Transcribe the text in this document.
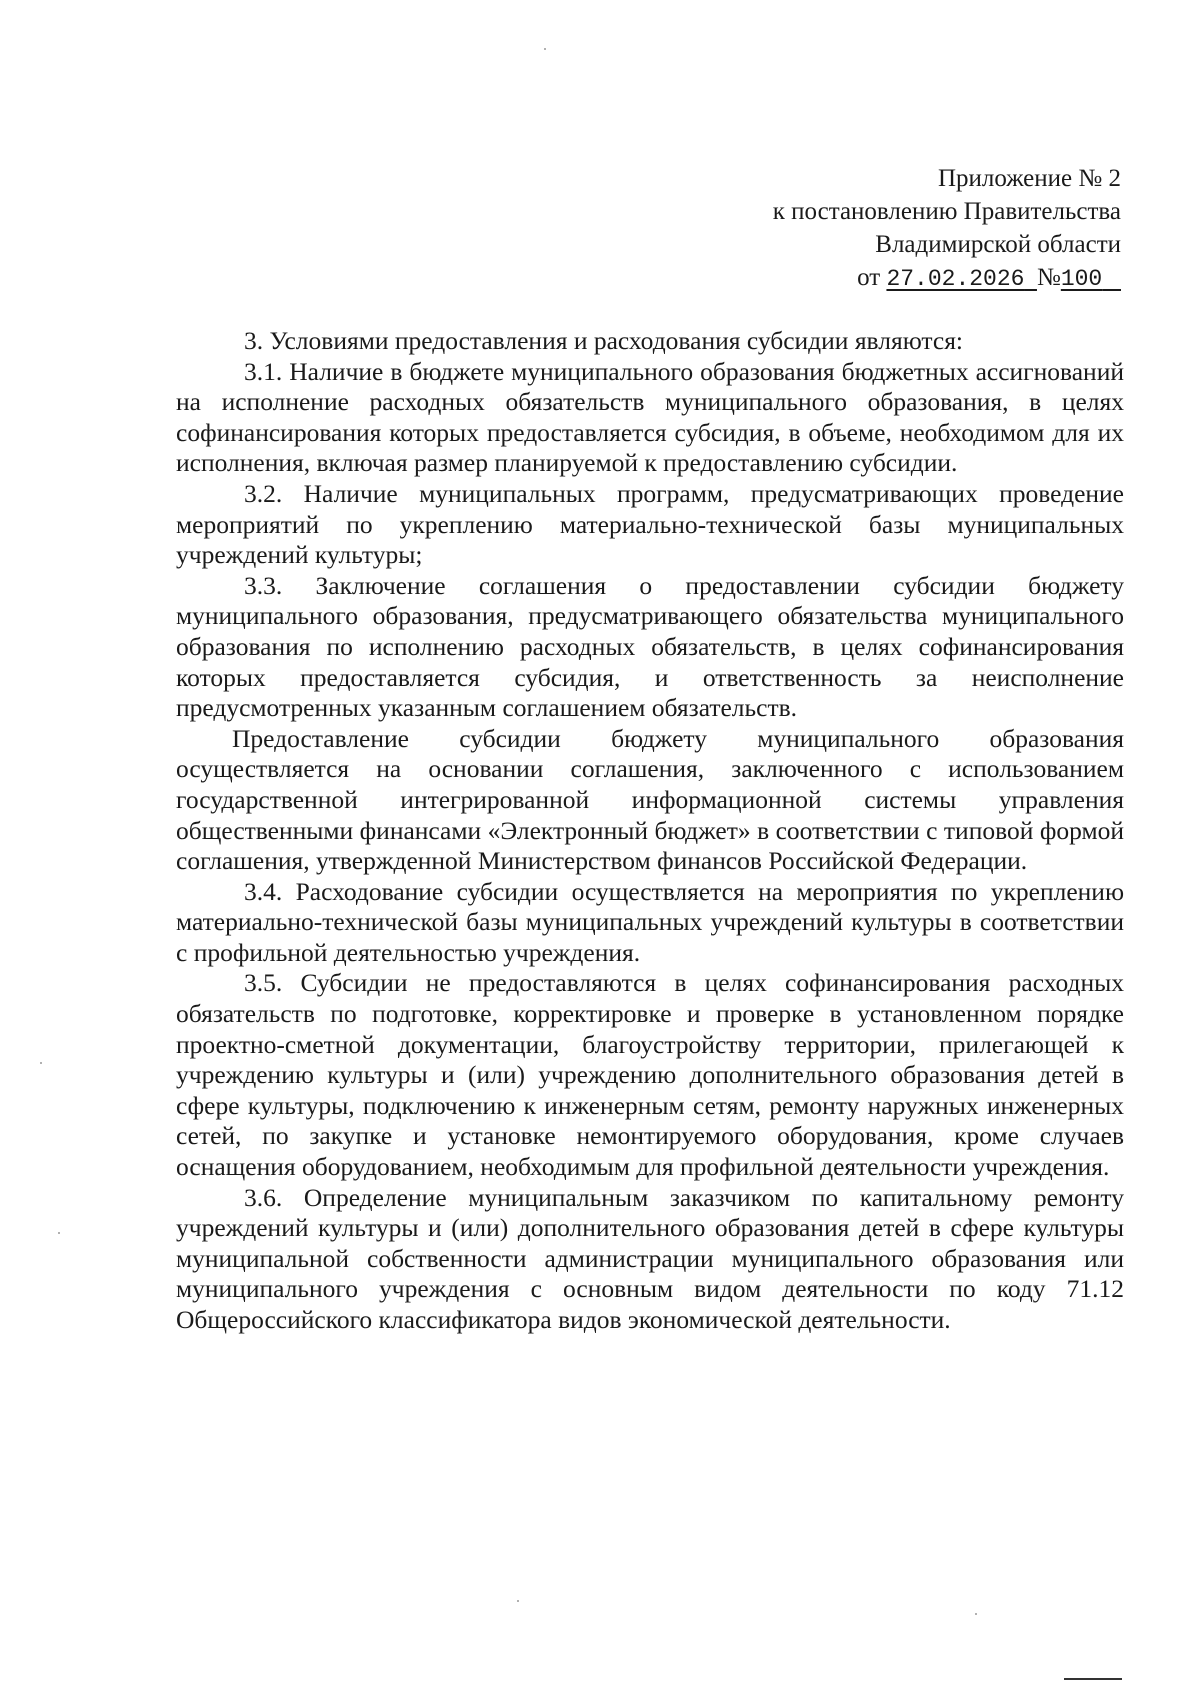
Приложение № 2
к постановлению Правительства
Владимирской области
от 27.02.2026 №100

3. Условиями предоставления и расходования субсидии являются:

3.1. Наличие в бюджете муниципального образования бюджетных ассигнований на исполнение расходных обязательств муниципального образования, в целях софинансирования которых предоставляется субсидия, в объеме, необходимом для их исполнения, включая размер планируемой к предоставлению субсидии.

3.2. Наличие муниципальных программ, предусматривающих проведение мероприятий по укреплению материально-технической базы муниципальных учреждений культуры;

3.3. Заключение соглашения о предоставлении субсидии бюджету муниципального образования, предусматривающего обязательства муниципального образования по исполнению расходных обязательств, в целях софинансирования которых предоставляется субсидия, и ответственность за неисполнение предусмотренных указанным соглашением обязательств.

Предоставление субсидии бюджету муниципального образования осуществляется на основании соглашения, заключенного с использованием государственной интегрированной информационной системы управления общественными финансами «Электронный бюджет» в соответствии с типовой формой соглашения, утвержденной Министерством финансов Российской Федерации.

3.4. Расходование субсидии осуществляется на мероприятия по укреплению материально-технической базы муниципальных учреждений культуры в соответствии с профильной деятельностью учреждения.

3.5. Субсидии не предоставляются в целях софинансирования расходных обязательств по подготовке, корректировке и проверке в установленном порядке проектно-сметной документации, благоустройству территории, прилегающей к учреждению культуры и (или) учреждению дополнительного образования детей в сфере культуры, подключению к инженерным сетям, ремонту наружных инженерных сетей, по закупке и установке немонтируемого оборудования, кроме случаев оснащения оборудованием, необходимым для профильной деятельности учреждения.

3.6. Определение муниципальным заказчиком по капитальному ремонту учреждений культуры и (или) дополнительного образования детей в сфере культуры муниципальной собственности администрации муниципального образования или муниципального учреждения с основным видом деятельности по коду 71.12 Общероссийского классификатора видов экономической деятельности.
